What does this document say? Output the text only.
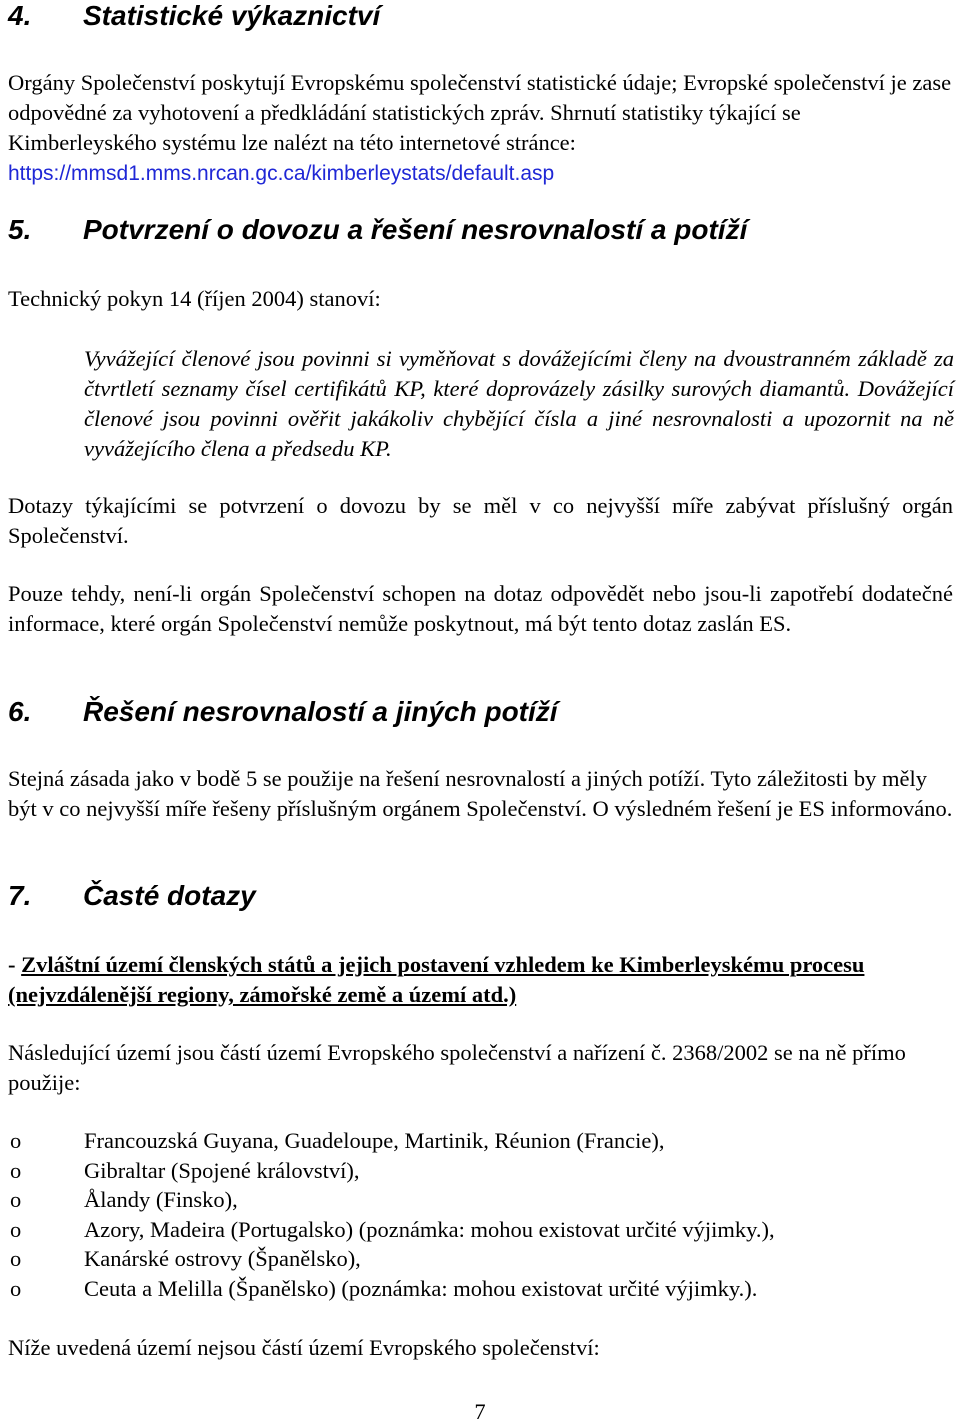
4. Statistické výkaznictví

Orgány Společenství poskytují Evropskému společenství statistické údaje; Evropské společenství je zase odpovědné za vyhotovení a předkládání statistických zpráv. Shrnutí statistiky týkající se Kimberleyského systému lze nalézt na této internetové stránce: https://mmsd1.mms.nrcan.gc.ca/kimberleystats/default.asp

5. Potvrzení o dovozu a řešení nesrovnalostí a potíží

Technický pokyn 14 (říjen 2004) stanoví:

Vyvážející členové jsou povinni si vyměňovat s dovážejícími členy na dvoustranném základě za čtvrtletí seznamy čísel certifikátů KP, které doprovázely zásilky surových diamantů. Dovážející členové jsou povinni ověřit jakákoliv chybějící čísla a jiné nesrovnalosti a upozornit na ně vyvážejícího člena a předsedu KP.

Dotazy týkajícími se potvrzení o dovozu by se měl v co nejvyšší míře zabývat příslušný orgán Společenství.

Pouze tehdy, není-li orgán Společenství schopen na dotaz odpovědět nebo jsou-li zapotřebí dodatečné informace, které orgán Společenství nemůže poskytnout, má být tento dotaz zaslán ES.

6. Řešení nesrovnalostí a jiných potíží

Stejná zásada jako v bodě 5 se použije na řešení nesrovnalostí a jiných potíží. Tyto záležitosti by měly být v co nejvyšší míře řešeny příslušným orgánem Společenství. O výsledném řešení je ES informováno.

7. Časté dotazy

- Zvláštní území členských států a jejich postavení vzhledem ke Kimberleyskému procesu (nejvzdálenější regiony, zámořské země a území atd.)

Následující území jsou částí území Evropského společenství a nařízení č. 2368/2002 se na ně přímo použije:

o	Francouzská Guyana, Guadeloupe, Martinik, Réunion (Francie),
o	Gibraltar (Spojené království),
o	Ålandy (Finsko),
o	Azory, Madeira (Portugalsko) (poznámka: mohou existovat určité výjimky.),
o	Kanárské ostrovy (Španělsko),
o	Ceuta a Melilla (Španělsko) (poznámka: mohou existovat určité výjimky.).

Níže uvedená území nejsou částí území Evropského společenství:

7
